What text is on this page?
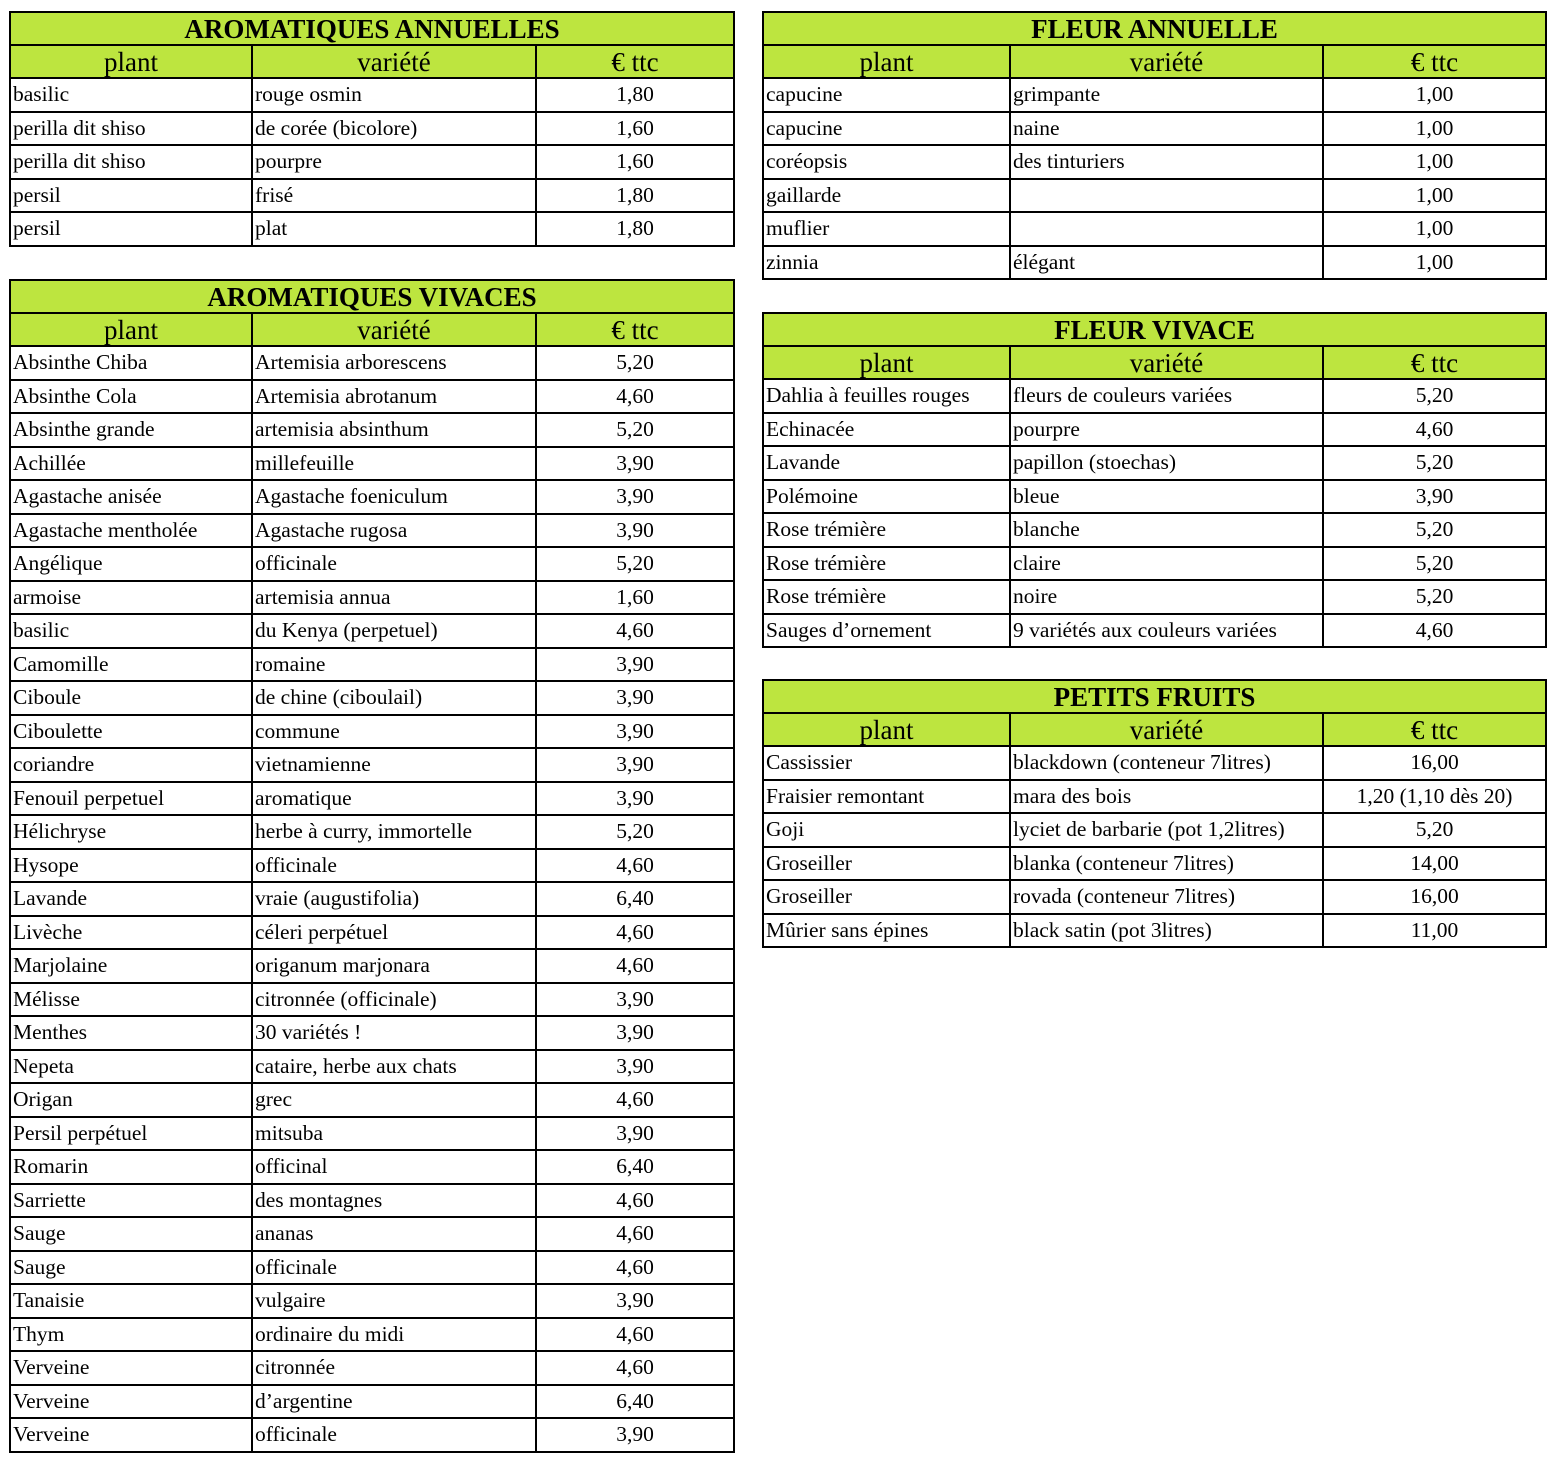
AROMATIQUES ANNUELLES		
plant	variété	€ ttc
basilic	rouge osmin	1,80
perilla dit shiso	de corée (bicolore)	1,60
perilla dit shiso	pourpre	1,60
persil	frisé	1,80
persil	plat	1,80
AROMATIQUES VIVACES		
plant	variété	€ ttc
Absinthe Chiba	Artemisia arborescens	5,20
Absinthe Cola	Artemisia abrotanum	4,60
Absinthe grande	artemisia absinthum	5,20
Achillée	millefeuille	3,90
Agastache anisée	Agastache foeniculum	3,90
Agastache mentholée	Agastache rugosa	3,90
Angélique	officinale	5,20
armoise	artemisia annua	1,60
basilic	du Kenya (perpetuel)	4,60
Camomille	romaine	3,90
Ciboule	de chine (ciboulail)	3,90
Ciboulette	commune	3,90
coriandre	vietnamienne	3,90
Fenouil perpetuel	aromatique	3,90
Hélichryse	herbe à curry, immortelle	5,20
Hysope	officinale	4,60
Lavande	vraie (augustifolia)	6,40
Livèche	céleri perpétuel	4,60
Marjolaine	origanum marjonara	4,60
Mélisse	citronnée (officinale)	3,90
Menthes	30 variétés !	3,90
Nepeta	cataire, herbe aux chats	3,90
Origan	grec	4,60
Persil perpétuel	mitsuba	3,90
Romarin	officinal	6,40
Sarriette	des montagnes	4,60
Sauge	ananas	4,60
Sauge	officinale	4,60
Tanaisie	vulgaire	3,90
Thym	ordinaire du midi	4,60
Verveine	citronnée	4,60
Verveine	d’argentine	6,40
Verveine	officinale	3,90
FLEUR ANNUELLE		
plant	variété	€ ttc
capucine	grimpante	1,00
capucine	naine	1,00
coréopsis	des tinturiers	1,00
gaillarde		1,00
muflier		1,00
zinnia	élégant	1,00
FLEUR VIVACE		
plant	variété	€ ttc
Dahlia à feuilles rouges	fleurs de couleurs variées	5,20
Echinacée	pourpre	4,60
Lavande	papillon (stoechas)	5,20
Polémoine	bleue	3,90
Rose trémière	blanche	5,20
Rose trémière	claire	5,20
Rose trémière	noire	5,20
Sauges d’ornement	9 variétés aux couleurs variées	4,60
PETITS FRUITS		
plant	variété	€ ttc
Cassissier	blackdown (conteneur 7litres)	16,00
Fraisier remontant	mara des bois	1,20 (1,10 dès 20)
Goji	lyciet de barbarie (pot 1,2litres)	5,20
Groseiller	blanka (conteneur 7litres)	14,00
Groseiller	rovada (conteneur 7litres)	16,00
Mûrier sans épines	black satin (pot 3litres)	11,00
